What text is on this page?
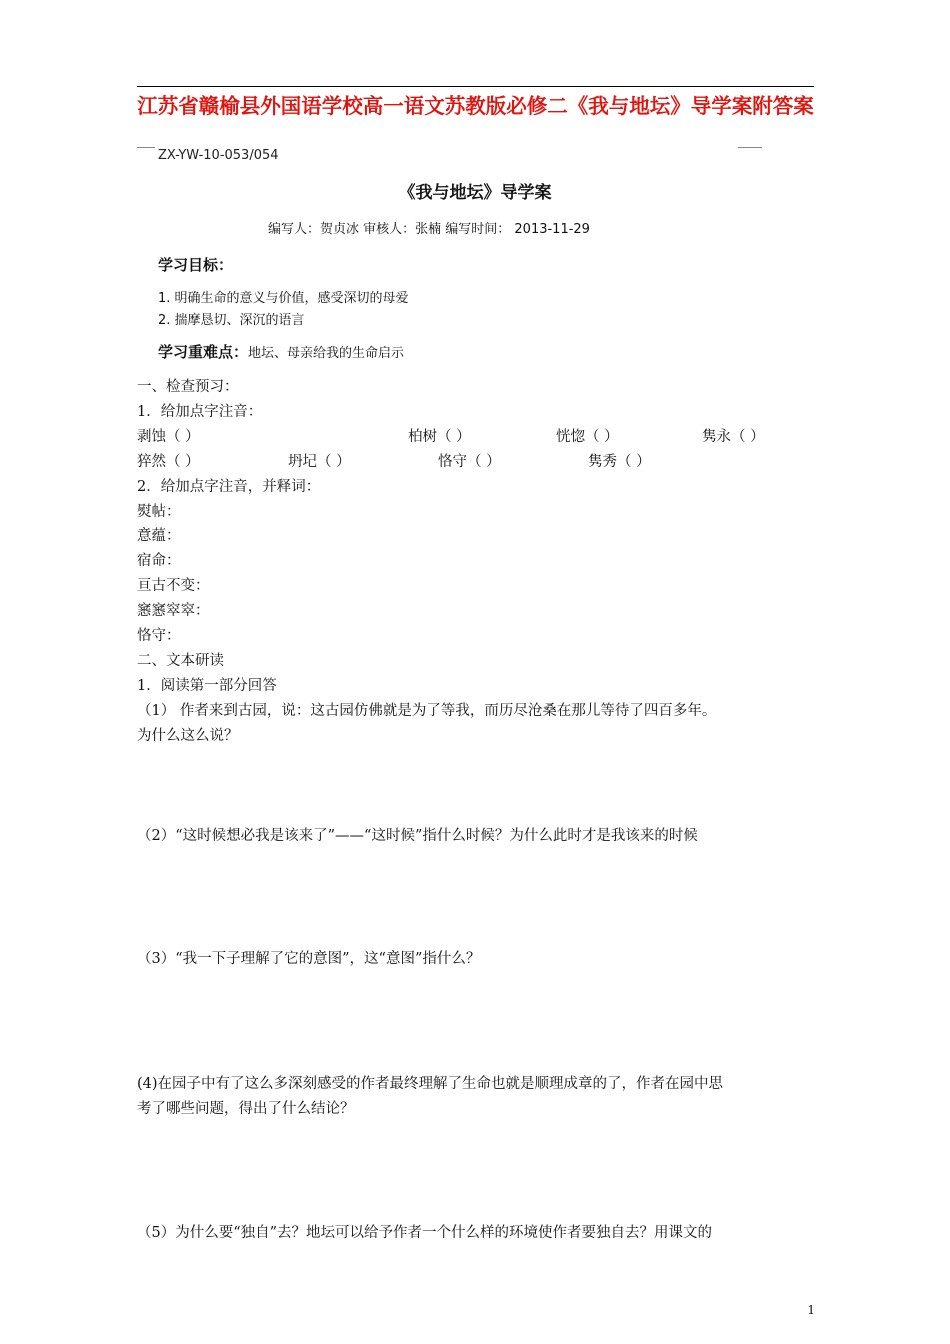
江苏省赣榆县外国语学校高一语文苏教版必修二《我与地坛》导学案附答案
ZX-YW-10-053/054
《我与地坛》导学案
编写人：贺贞冰 审核人：张楠 编写时间： 2013-11-29
学习目标：
1. 明确生命的意义与价值，感受深切的母爱
2. 揣摩恳切、深沉的语言
学习重难点：地坛、母亲给我的生命启示
一、检查预习：
1．给加点字注音：
剥蚀（ ）	柏树（ ）	恍惚（ ）	隽永（ ）
猝然（ ）	坍圮（ ）	恪守（ ）	隽秀（ ）
2．给加点字注音，并释词：
熨帖：
意蕴：
宿命：
亘古不变：
窸窸窣窣：
恪守：
二、文本研读
1．阅读第一部分回答
（1） 作者来到古园，说：这古园仿佛就是为了等我，而历尽沧桑在那儿等待了四百多年。
为什么这么说？
（2）“这时候想必我是该来了”——“这时候”指什么时候？为什么此时才是我该来的时候
（3）“我一下子理解了它的意图”，这“意图”指什么？
(4)在园子中有了这么多深刻感受的作者最终理解了生命也就是顺理成章的了，作者在园中思
考了哪些问题，得出了什么结论？
（5）为什么要“独自”去？地坛可以给予作者一个什么样的环境使作者要独自去？用课文的
1
